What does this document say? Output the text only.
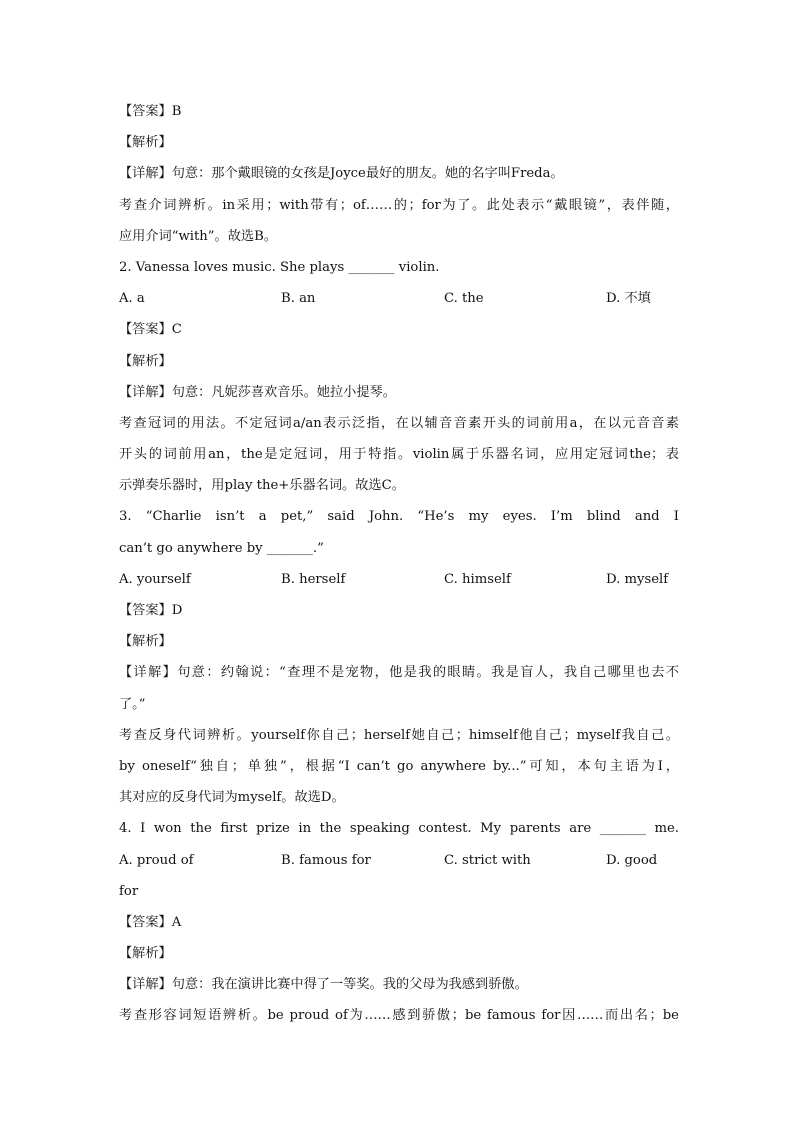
【答案】B
【解析】
【详解】句意：那个戴眼镜的女孩是Joyce最好的朋友。她的名字叫Freda。
考查介词辨析。in采用；with带有；of……的；for为了。此处表示“戴眼镜”，表伴随，
应用介词“with”。故选B。
2. Vanessa loves music. She plays _______ violin.
A. a	B. an	C. the	D. 不填
【答案】C
【解析】
【详解】句意：凡妮莎喜欢音乐。她拉小提琴。
考查冠词的用法。不定冠词a/an表示泛指，在以辅音音素开头的词前用a，在以元音音素
开头的词前用an，the是定冠词，用于特指。violin属于乐器名词，应用定冠词the；表
示弹奏乐器时，用play the+乐器名词。故选C。
3. “Charlie isn’t a pet,” said John. “He’s my eyes. I’m blind and I
can’t go anywhere by _______.”
A. yourself	B. herself	C. himself	D. myself
【答案】D
【解析】
【详解】句意：约翰说：“查理不是宠物，他是我的眼睛。我是盲人，我自己哪里也去不
了。”
考查反身代词辨析。yourself你自己；herself她自己；himself他自己；myself我自己。
by oneself“独自；单独”，根据“I can’t go anywhere by...”可知，本句主语为I，
其对应的反身代词为myself。故选D。
4. I won the first prize in the speaking contest. My parents are _______ me.
A. proud of	B. famous for	C. strict with	D. good
for
【答案】A
【解析】
【详解】句意：我在演讲比赛中得了一等奖。我的父母为我感到骄傲。
考查形容词短语辨析。be proud of为……感到骄傲；be famous for因……而出名；be
